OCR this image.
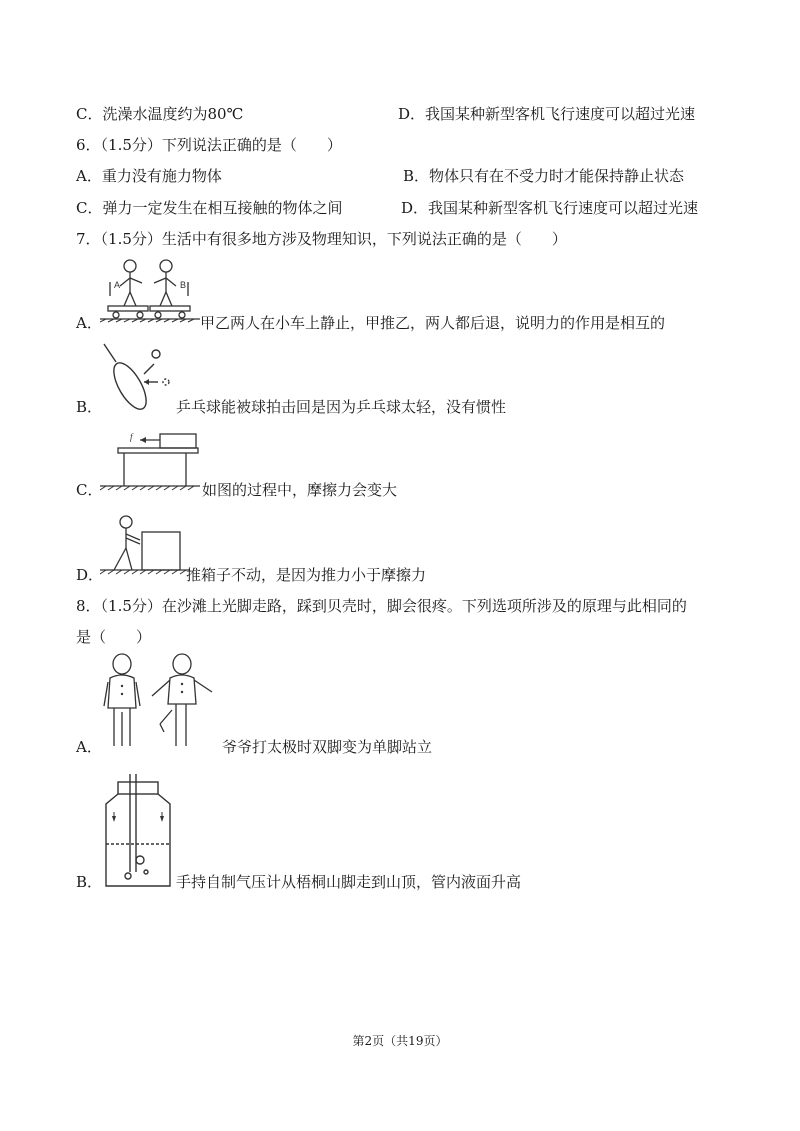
C．洗澡水温度约为80℃	D．我国某种新型客机飞行速度可以超过光速
6．（1.5分）下列说法正确的是（　　）
A．重力没有施力物体	B．物体只有在不受力时才能保持静止状态
C．弹力一定发生在相互接触的物体之间	D．我国某种新型客机飞行速度可以超过光速
7．（1.5分）生活中有很多地方涉及物理知识，下列说法正确的是（　　）
A	B
A．	甲乙两人在小车上静止，甲推乙，两人都后退，说明力的作用是相互的
B．	乒乓球能被球拍击回是因为乒乓球太轻，没有惯性
f
C．	如图的过程中，摩擦力会变大
D．	推箱子不动，是因为推力小于摩擦力
8．（1.5分）在沙滩上光脚走路，踩到贝壳时，脚会很疼。下列选项所涉及的原理与此相同的
是（　　）
A．	爷爷打太极时双脚变为单脚站立
B．	手持自制气压计从梧桐山脚走到山顶，管内液面升高
第2页（共19页）
